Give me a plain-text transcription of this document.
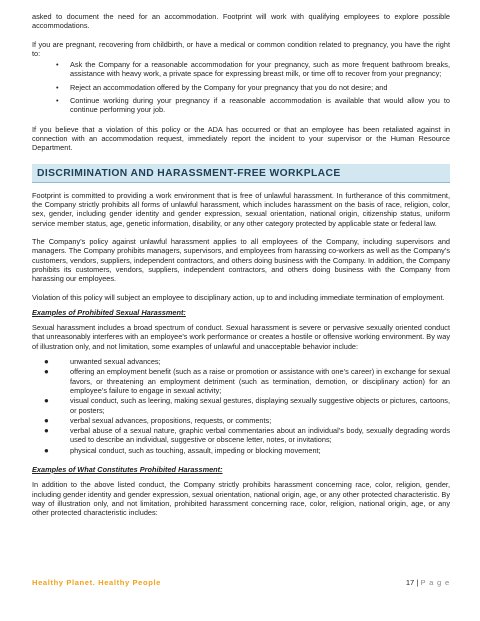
asked to document the need for an accommodation. Footprint will work with qualifying employees to explore possible accommodations.

If you are pregnant, recovering from childbirth, or have a medical or common condition related to pregnancy, you have the right to:

• Ask the Company for a reasonable accommodation for your pregnancy, such as more frequent bathroom breaks, assistance with heavy work, a private space for expressing breast milk, or time off to recover from your pregnancy;
• Reject an accommodation offered by the Company for your pregnancy that you do not desire; and
• Continue working during your pregnancy if a reasonable accommodation is available that would allow you to continue performing your job.

If you believe that a violation of this policy or the ADA has occurred or that an employee has been retaliated against in connection with an accommodation request, immediately report the incident to your supervisor or the Human Resource Department.

DISCRIMINATION AND HARASSMENT-FREE WORKPLACE

Footprint is committed to providing a work environment that is free of unlawful harassment. In furtherance of this commitment, the Company strictly prohibits all forms of unlawful harassment, which includes harassment on the basis of race, religion, color, sex, gender, including gender identity and gender expression, sexual orientation, national origin, citizenship status, uniform service member status, age, genetic information, disability, or any other category protected by applicable state or federal law.

The Company’s policy against unlawful harassment applies to all employees of the Company, including supervisors and managers. The Company prohibits managers, supervisors, and employees from harassing co-workers as well as the Company’s customers, vendors, suppliers, independent contractors, and others doing business with the Company. In addition, the Company prohibits its customers, vendors, suppliers, independent contractors, and others doing business with the Company from harassing our employees.

Violation of this policy will subject an employee to disciplinary action, up to and including immediate termination of employment.

Examples of Prohibited Sexual Harassment:

Sexual harassment includes a broad spectrum of conduct. Sexual harassment is severe or pervasive sexually oriented conduct that unreasonably interferes with an employee’s work performance or creates a hostile or offensive working environment. By way of illustration only, and not limitation, some examples of unlawful and unacceptable behavior include:

●	unwanted sexual advances;
●	offering an employment benefit (such as a raise or promotion or assistance with one’s career) in exchange for sexual favors, or threatening an employment detriment (such as termination, demotion, or disciplinary action) for an employee’s failure to engage in sexual activity;
●	visual conduct, such as leering, making sexual gestures, displaying sexually suggestive objects or pictures, cartoons, or posters;
●	verbal sexual advances, propositions, requests, or comments;
●	verbal abuse of a sexual nature, graphic verbal commentaries about an individual’s body, sexually degrading words used to describe an individual, suggestive or obscene letter, notes, or invitations;
●	physical conduct, such as touching, assault, impeding or blocking movement;

Examples of What Constitutes Prohibited Harassment:

In addition to the above listed conduct, the Company strictly prohibits harassment concerning race, color, religion, gender, including gender identity and gender expression, sexual orientation, national origin, age, or any other protected characteristic. By way of illustration only, and not limitation, prohibited harassment concerning race, color, religion, national origin, age, or any other protected characteristic includes:

Healthy Planet. Healthy People	17 | P a g e
